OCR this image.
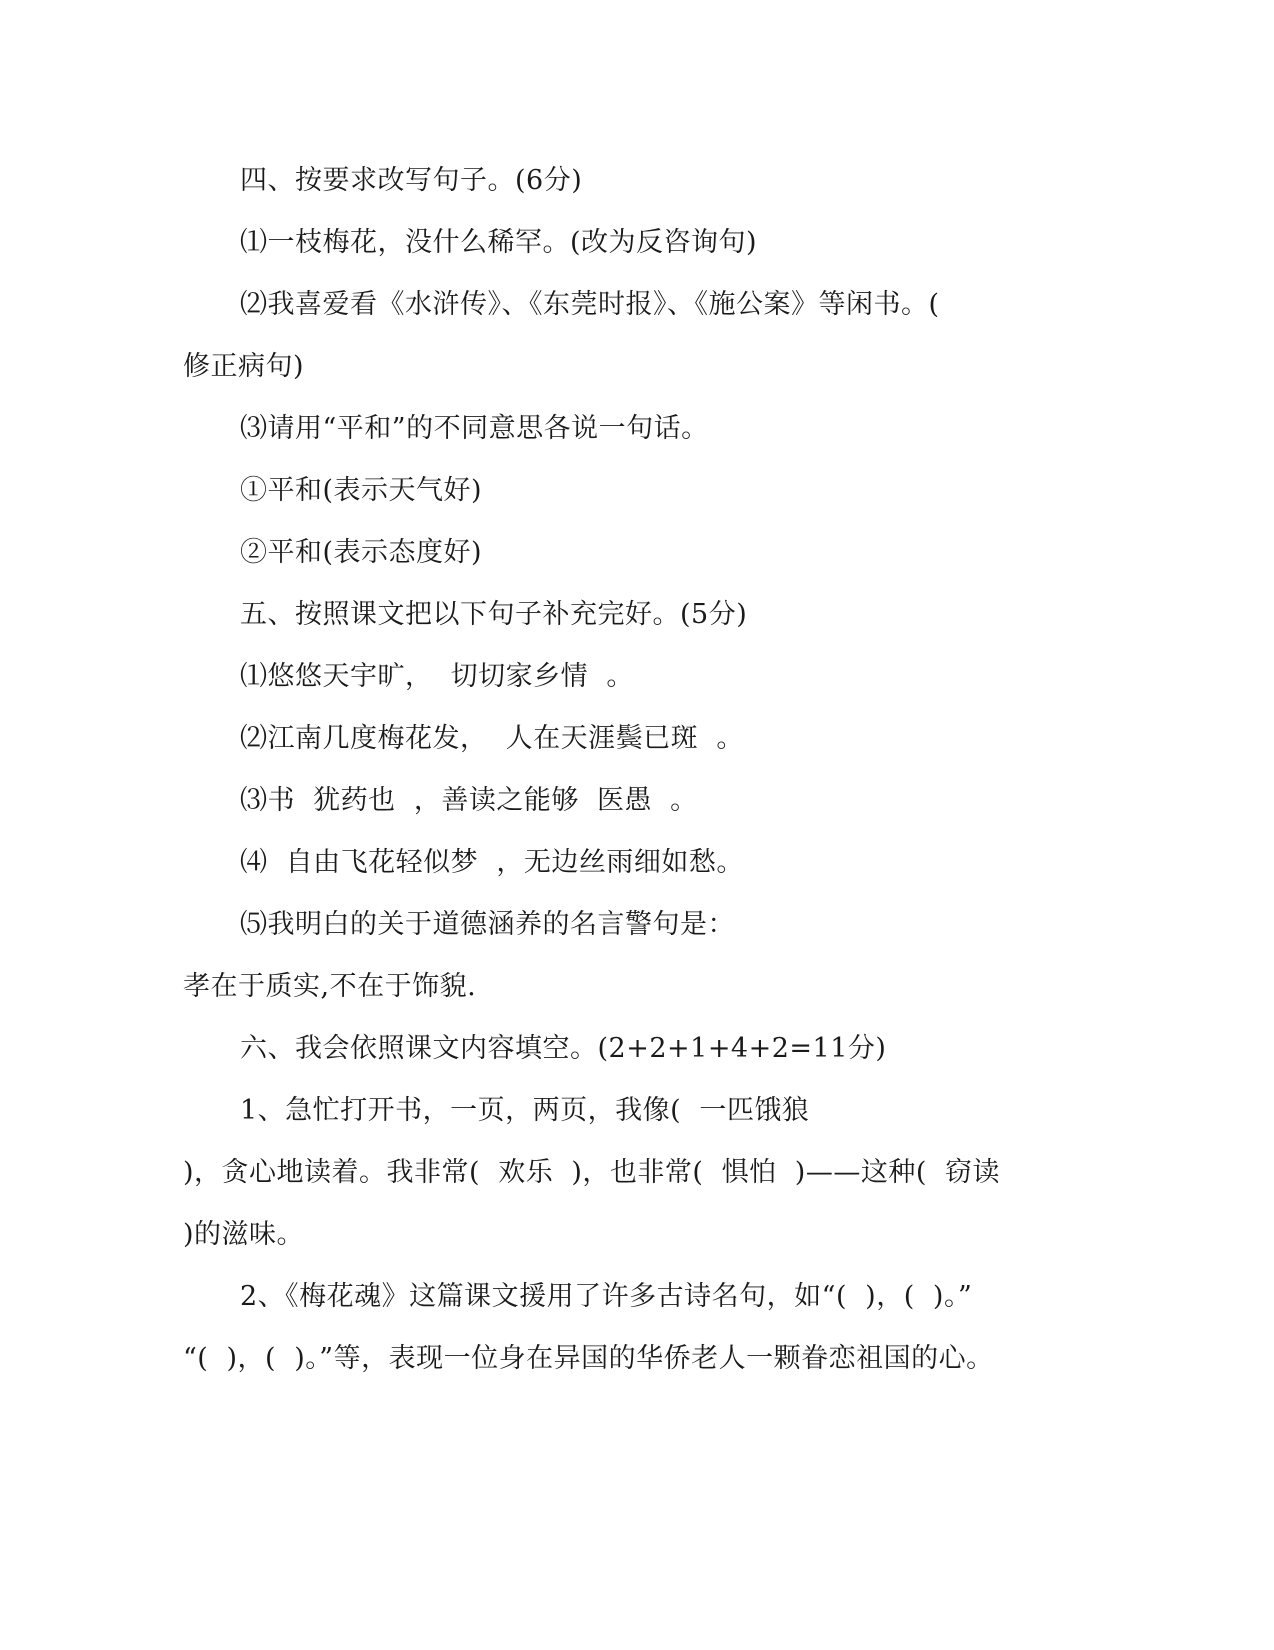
四、按要求改写句子。(6分)
⑴一枝梅花，没什么稀罕。(改为反咨询句)
⑵我喜爱看《水浒传》、《东莞时报》、《施公案》等闲书。(
修正病句)
⑶请用“平和”的不同意思各说一句话。
①平和(表示天气好)
②平和(表示态度好)
五、按照课文把以下句子补充完好。(5分)
⑴悠悠天宇旷，  切切家乡情  。
⑵江南几度梅花发，  人在天涯鬓已斑  。
⑶书  犹药也  ，善读之能够  医愚  。
⑷  自由飞花轻似梦  ，无边丝雨细如愁。
⑸我明白的关于道德涵养的名言警句是：
孝在于质实,不在于饰貌.
六、我会依照课文内容填空。(2+2+1+4+2=11分)
1、急忙打开书，一页，两页，我像(  一匹饿狼
)，贪心地读着。我非常(  欢乐  )，也非常(  惧怕  )——这种(  窃读
)的滋味。
2、《梅花魂》这篇课文援用了许多古诗名句，如“(  )，(  )。”
“(  )，(  )。”等，表现一位身在异国的华侨老人一颗眷恋祖国的心。
